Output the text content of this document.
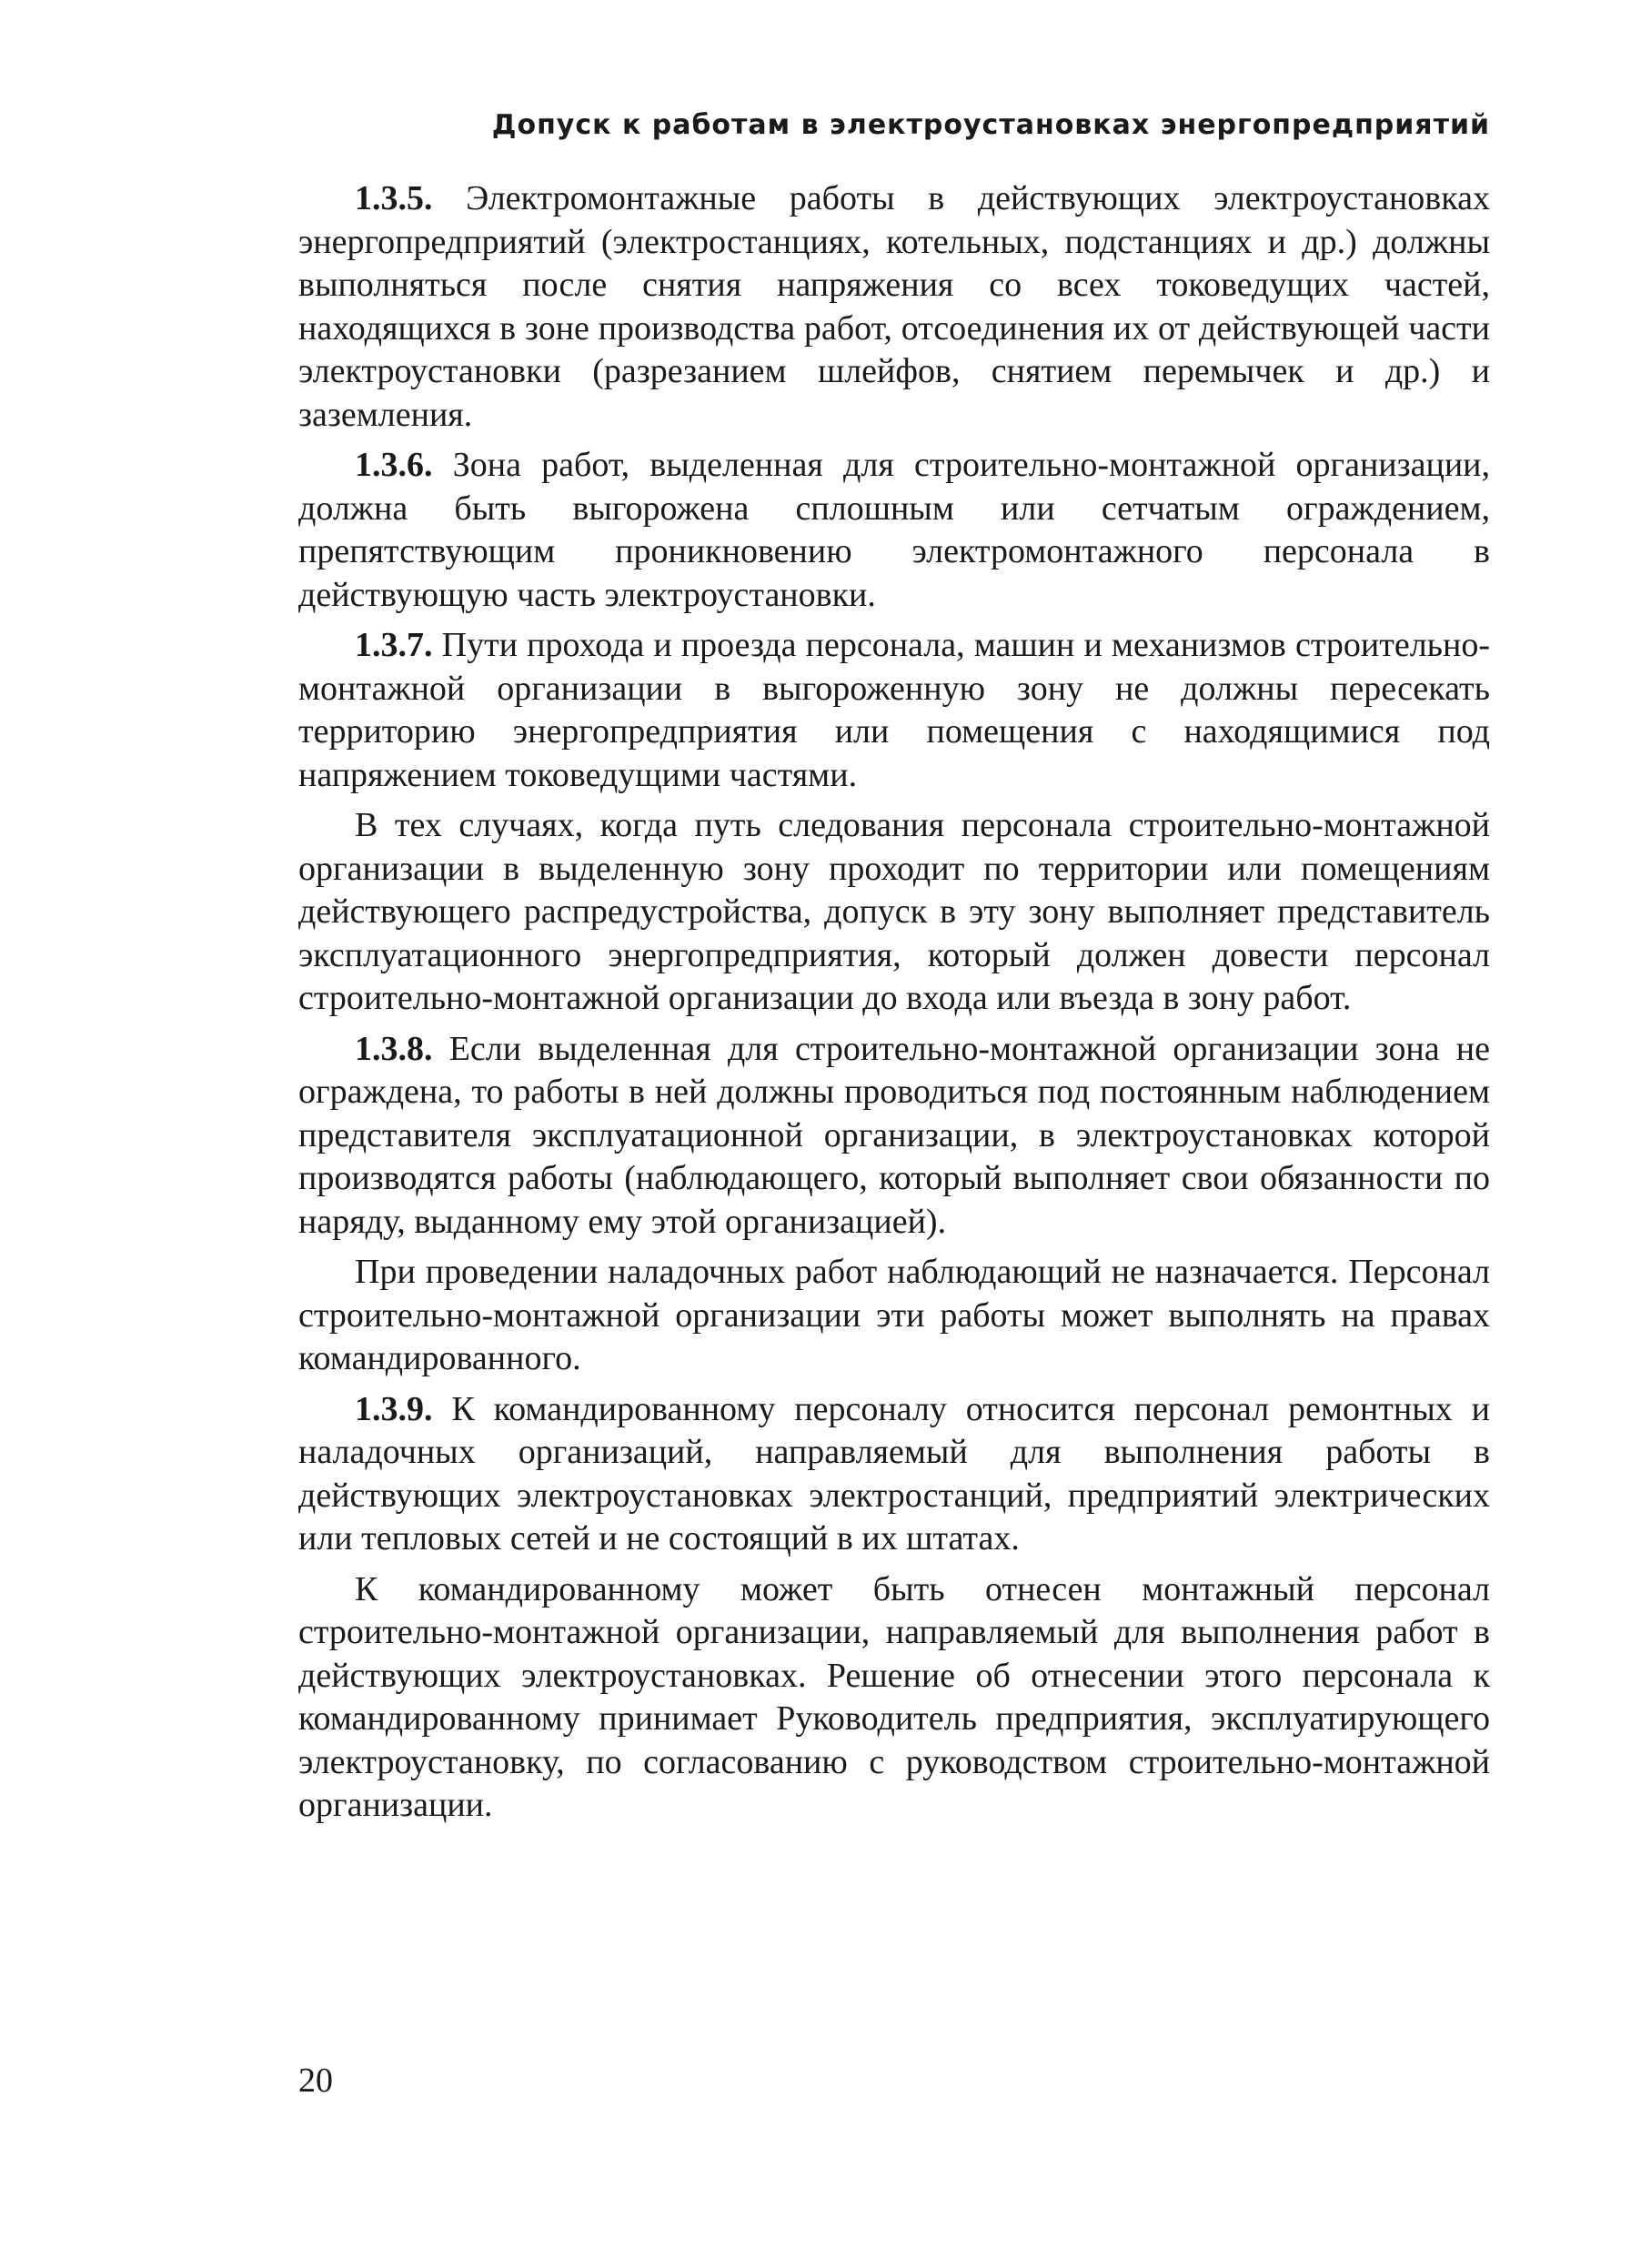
Допуск к работам в электроустановках энергопредприятий

1.3.5. Электромонтажные работы в действующих электроустановках энергопредприятий (электростанциях, котельных, подстанциях и др.) должны выполняться после снятия напряжения со всех токоведущих частей, находящихся в зоне производства работ, отсоединения их от действующей части электроустановки (разрезанием шлейфов, снятием перемычек и др.) и заземления.

1.3.6. Зона работ, выделенная для строительно-монтажной организации, должна быть выгорожена сплошным или сетчатым ограждением, препятствующим проникновению электромонтажного персонала в действующую часть электроустановки.

1.3.7. Пути прохода и проезда персонала, машин и механизмов строительно-монтажной организации в выгороженную зону не должны пересекать территорию энергопредприятия или помещения с находящимися под напряжением токоведущими частями.

В тех случаях, когда путь следования персонала строительно-монтажной организации в выделенную зону проходит по территории или помещениям действующего распредустройства, допуск в эту зону выполняет представитель эксплуатационного энергопредприятия, который должен довести персонал строительно-монтажной организации до входа или въезда в зону работ.

1.3.8. Если выделенная для строительно-монтажной организации зона не ограждена, то работы в ней должны проводиться под постоянным наблюдением представителя эксплуатационной организации, в электроустановках которой производятся работы (наблюдающего, который выполняет свои обязанности по наряду, выданному ему этой организацией).

При проведении наладочных работ наблюдающий не назначается. Персонал строительно-монтажной организации эти работы может выполнять на правах командированного.

1.3.9. К командированному персоналу относится персонал ремонтных и наладочных организаций, направляемый для выполнения работы в действующих электроустановках электростанций, предприятий электрических или тепловых сетей и не состоящий в их штатах.

К командированному может быть отнесен монтажный персонал строительно-монтажной организации, направляемый для выполнения работ в действующих электроустановках. Решение об отнесении этого персонала к командированному принимает Руководитель предприятия, эксплуатирующего электроустановку, по согласованию с руководством строительно-монтажной организации.

20
